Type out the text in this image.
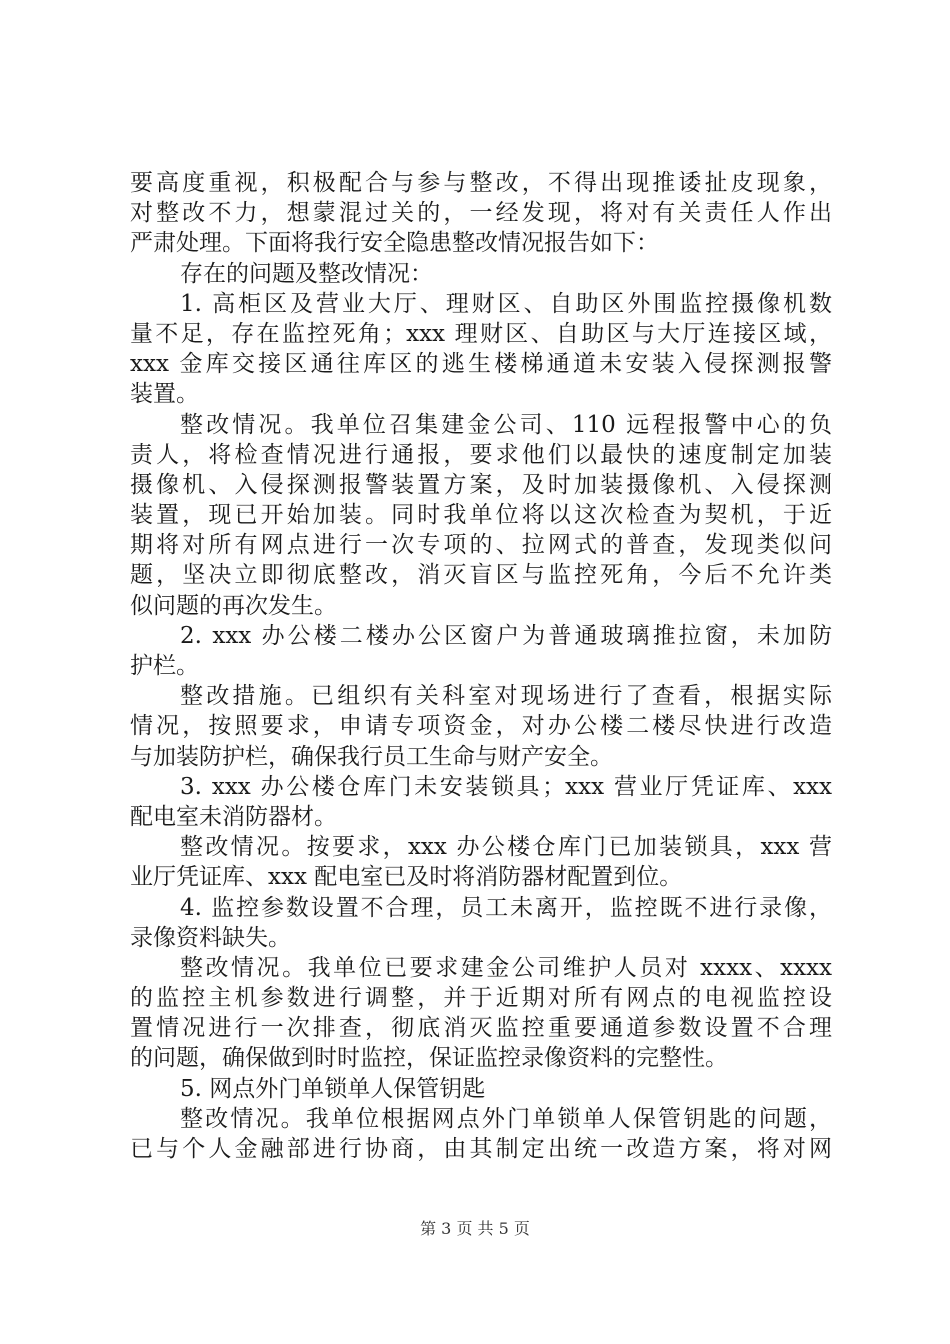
要高度重视，积极配合与参与整改，不得出现推诿扯皮现象，
对整改不力，想蒙混过关的，一经发现，将对有关责任人作出
严肃处理。下面将我行安全隐患整改情况报告如下：
存在的问题及整改情况：
1. 高柜区及营业大厅、理财区、自助区外围监控摄像机数
量不足，存在监控死角；xxx 理财区、自助区与大厅连接区域，
xxx 金库交接区通往库区的逃生楼梯通道未安装入侵探测报警
装置。
整改情况。我单位召集建金公司、110 远程报警中心的负
责人，将检查情况进行通报，要求他们以最快的速度制定加装
摄像机、入侵探测报警装置方案，及时加装摄像机、入侵探测
装置，现已开始加装。同时我单位将以这次检查为契机，于近
期将对所有网点进行一次专项的、拉网式的普查，发现类似问
题，坚决立即彻底整改，消灭盲区与监控死角，今后不允许类
似问题的再次发生。
2. xxx 办公楼二楼办公区窗户为普通玻璃推拉窗，未加防
护栏。
整改措施。已组织有关科室对现场进行了查看，根据实际
情况，按照要求，申请专项资金，对办公楼二楼尽快进行改造
与加装防护栏，确保我行员工生命与财产安全。
3. xxx 办公楼仓库门未安装锁具；xxx 营业厅凭证库、xxx
配电室未消防器材。
整改情况。按要求，xxx 办公楼仓库门已加装锁具，xxx 营
业厅凭证库、xxx 配电室已及时将消防器材配置到位。
4. 监控参数设置不合理，员工未离开，监控既不进行录像，
录像资料缺失。
整改情况。我单位已要求建金公司维护人员对 xxxx、xxxx
的监控主机参数进行调整，并于近期对所有网点的电视监控设
置情况进行一次排查，彻底消灭监控重要通道参数设置不合理
的问题，确保做到时时监控，保证监控录像资料的完整性。
5. 网点外门单锁单人保管钥匙
整改情况。我单位根据网点外门单锁单人保管钥匙的问题，
已与个人金融部进行协商，由其制定出统一改造方案，将对网
第 3 页 共 5 页
